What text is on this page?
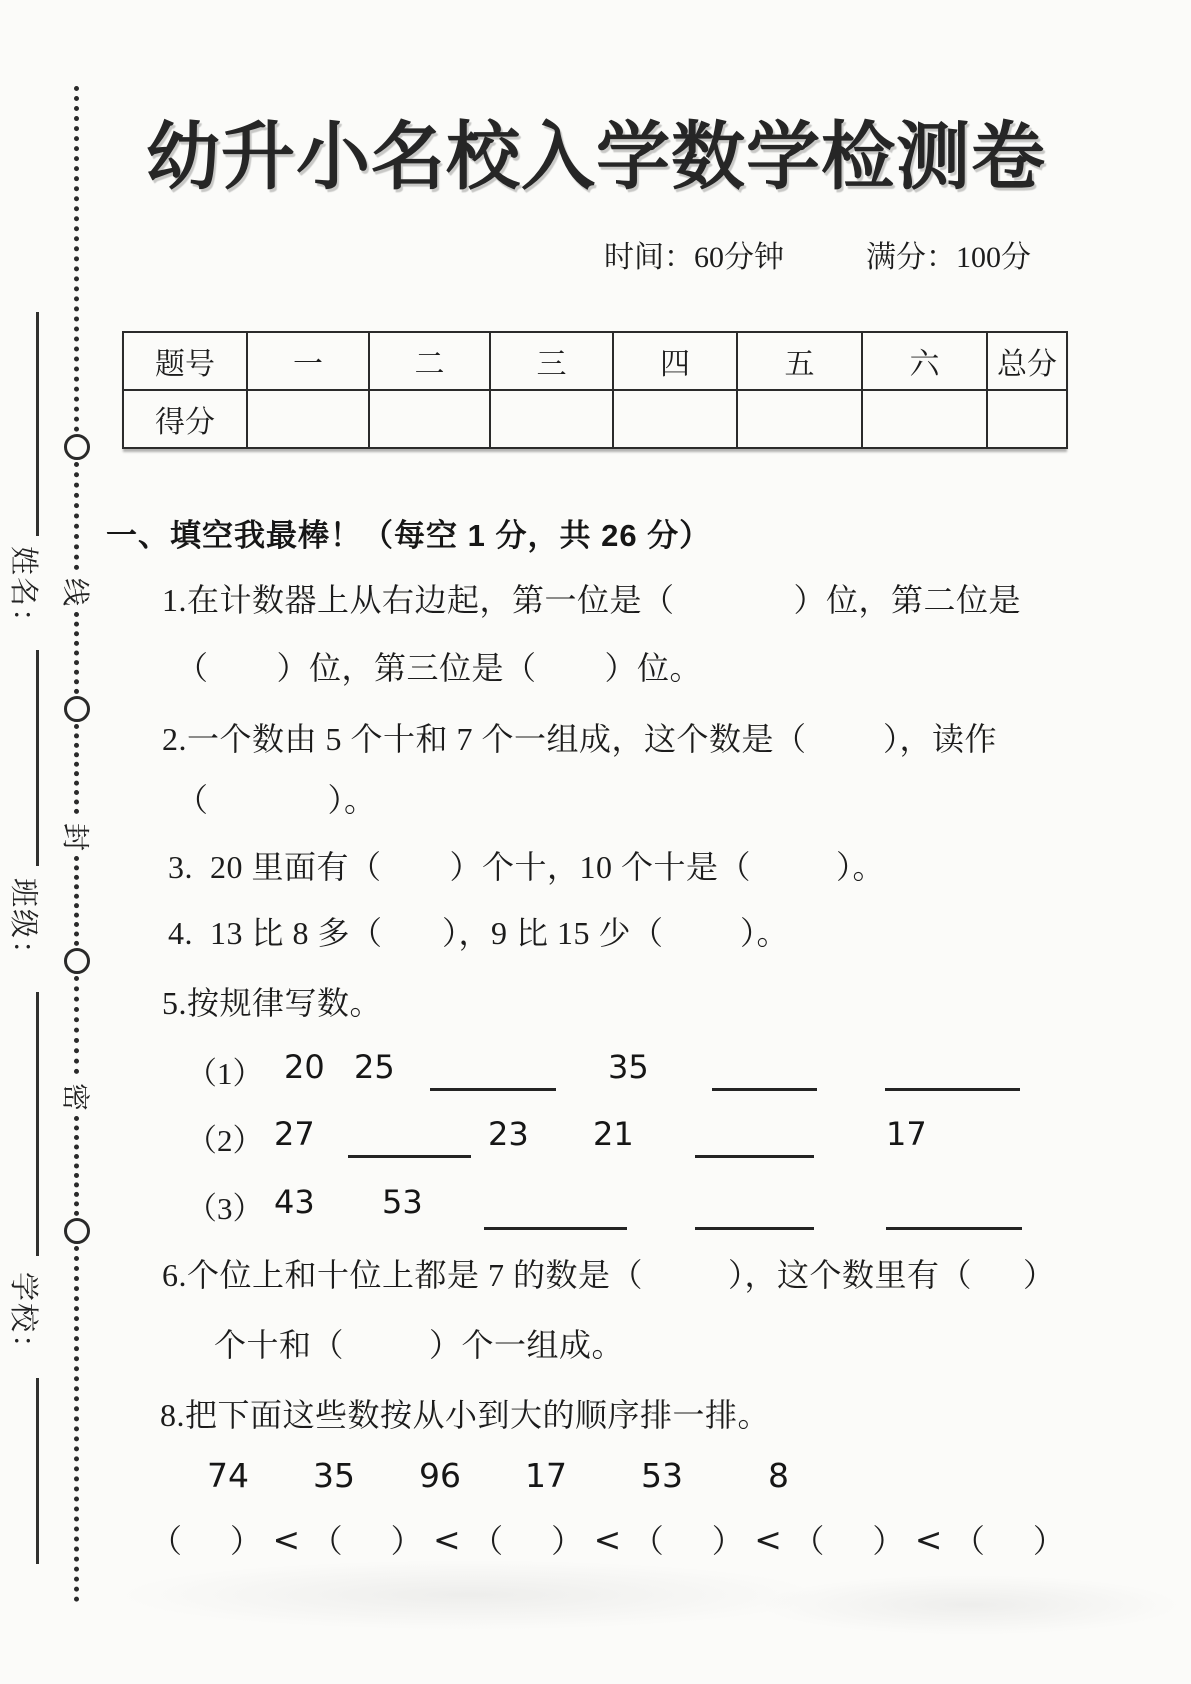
线
封
密
姓名：
班级：
学校：
幼升小名校入学数学检测卷
时间：60分钟	满分：100分
题号	一	二	三	四	五	六	总分
得分							
一、填空我最棒！（每空 1 分，共 26 分）
1.在计数器上从右边起，第一位是（              ）位，第二位是
（        ）位，第三位是（        ）位。
2.一个数由 5 个十和 7 个一组成，这个数是（         ），读作
（              ）。
3.  20 里面有（        ）个十，10 个十是（          ）。
4.  13 比 8 多（       ），9 比 15 少（         ）。
5.按规律写数。
（1） 20 25	35
（2） 27	23 21	17
（3） 43 53
6.个位上和十位上都是 7 的数是（          ），这个数里有（      ）
个十和（          ）个一组成。
8.把下面这些数按从小到大的顺序排一排。
74 35 96 17 53	8
（      ） < （      ） < （      ） < （      ） < （      ） < （      ）
